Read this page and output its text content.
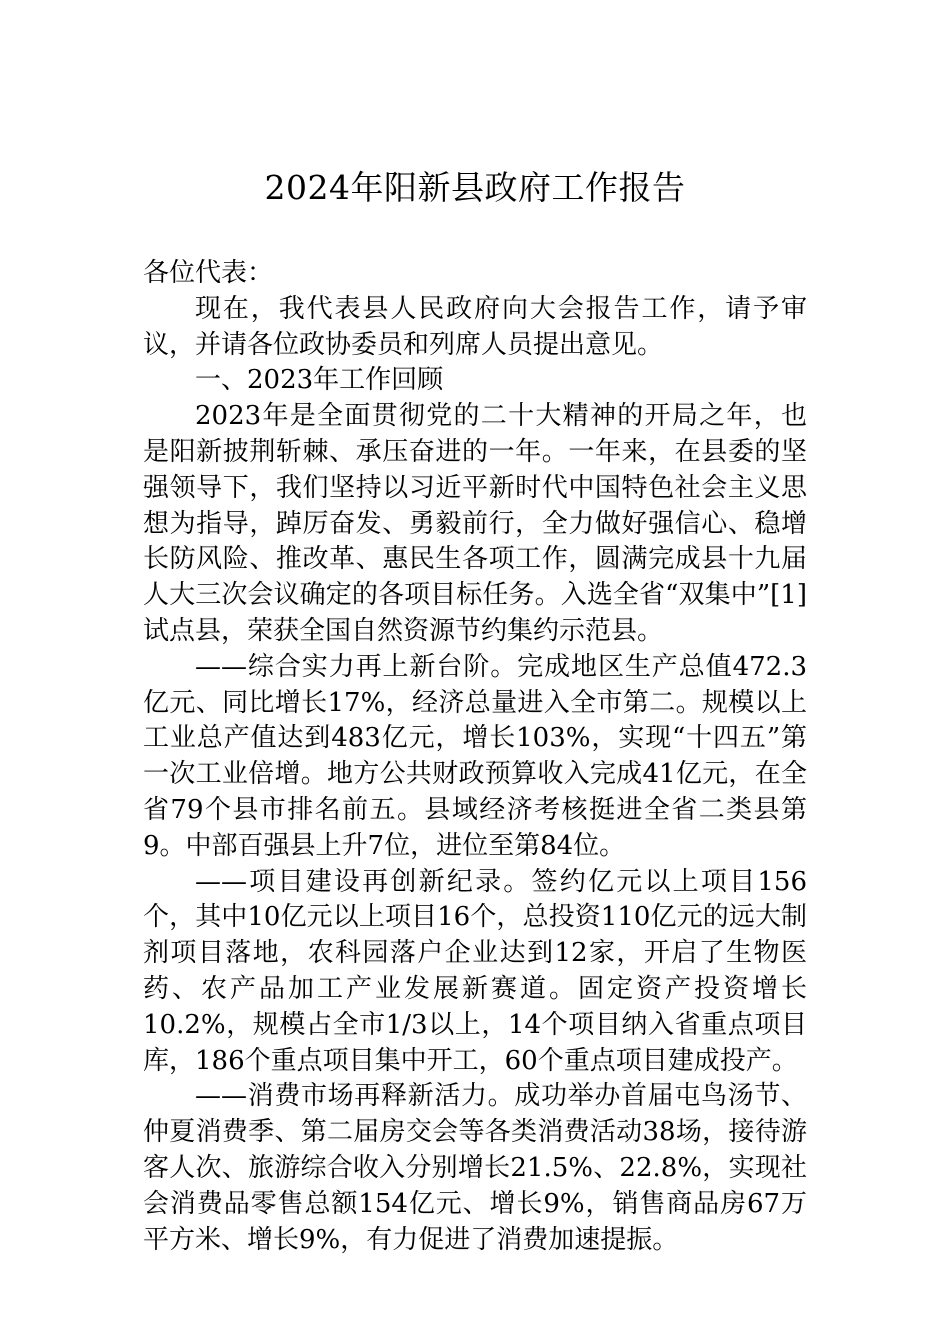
2024年阳新县政府工作报告

各位代表：

现在，我代表县人民政府向大会报告工作，请予审议，并请各位政协委员和列席人员提出意见。

一、2023年工作回顾

2023年是全面贯彻党的二十大精神的开局之年，也是阳新披荆斩棘、承压奋进的一年。一年来，在县委的坚强领导下，我们坚持以习近平新时代中国特色社会主义思想为指导，踔厉奋发、勇毅前行，全力做好强信心、稳增长防风险、推改革、惠民生各项工作，圆满完成县十九届人大三次会议确定的各项目标任务。入选全省“双集中”[1]试点县，荣获全国自然资源节约集约示范县。

——综合实力再上新台阶。完成地区生产总值472.3亿元、同比增长17%，经济总量进入全市第二。规模以上工业总产值达到483亿元，增长103%，实现“十四五”第一次工业倍增。地方公共财政预算收入完成41亿元，在全省79个县市排名前五。县域经济考核挺进全省二类县第9。中部百强县上升7位，进位至第84位。

——项目建设再创新纪录。签约亿元以上项目156个，其中10亿元以上项目16个，总投资110亿元的远大制剂项目落地，农科园落户企业达到12家，开启了生物医药、农产品加工产业发展新赛道。固定资产投资增长10.2%，规模占全市1/3以上，14个项目纳入省重点项目库，186个重点项目集中开工，60个重点项目建成投产。

——消费市场再释新活力。成功举办首届屯鸟汤节、仲夏消费季、第二届房交会等各类消费活动38场，接待游客人次、旅游综合收入分别增长21.5%、22.8%，实现社会消费品零售总额154亿元、增长9%，销售商品房67万平方米、增长9%，有力促进了消费加速提振。
